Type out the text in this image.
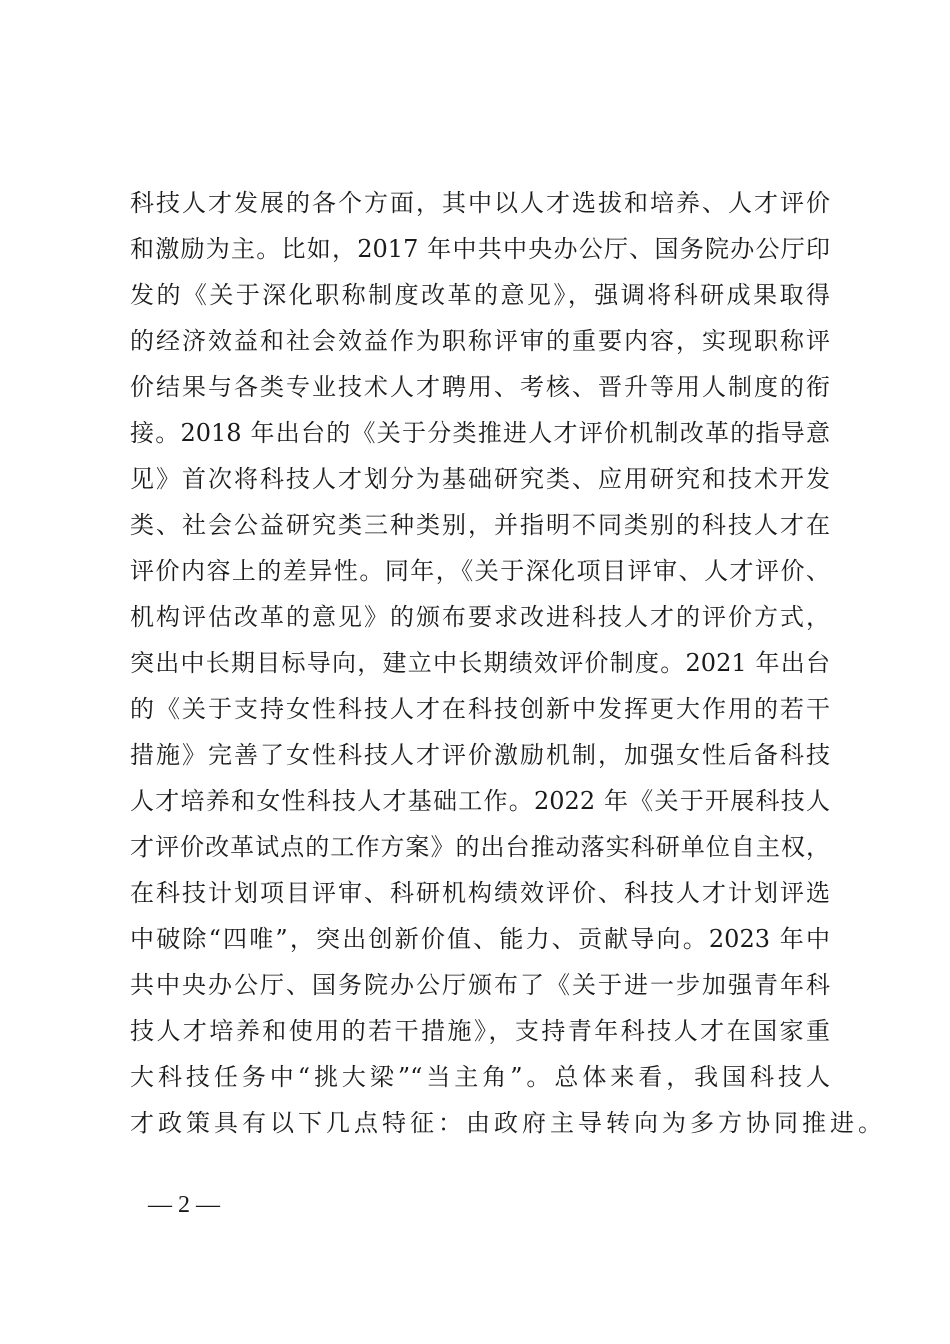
科技人才发展的各个方面，其中以人才选拔和培养、人才评价
和激励为主。比如，2017 年中共中央办公厅、国务院办公厅印
发的《关于深化职称制度改革的意见》，强调将科研成果取得
的经济效益和社会效益作为职称评审的重要内容，实现职称评
价结果与各类专业技术人才聘用、考核、晋升等用人制度的衔
接。2018 年出台的《关于分类推进人才评价机制改革的指导意
见》首次将科技人才划分为基础研究类、应用研究和技术开发
类、社会公益研究类三种类别，并指明不同类别的科技人才在
评价内容上的差异性。同年，《关于深化项目评审、人才评价、
机构评估改革的意见》的颁布要求改进科技人才的评价方式，
突出中长期目标导向，建立中长期绩效评价制度。2021 年出台
的《关于支持女性科技人才在科技创新中发挥更大作用的若干
措施》完善了女性科技人才评价激励机制，加强女性后备科技
人才培养和女性科技人才基础工作。2022 年《关于开展科技人
才评价改革试点的工作方案》的出台推动落实科研单位自主权，
在科技计划项目评审、科研机构绩效评价、科技人才计划评选
中破除“四唯”，突出创新价值、能力、贡献导向。2023 年中
共中央办公厅、国务院办公厅颁布了《关于进一步加强青年科
技人才培养和使用的若干措施》，支持青年科技人才在国家重
大科技任务中“挑大梁”“当主角”。总体来看，我国科技人
才政策具有以下几点特征：由政府主导转向为多方协同推进。
— 2 —
